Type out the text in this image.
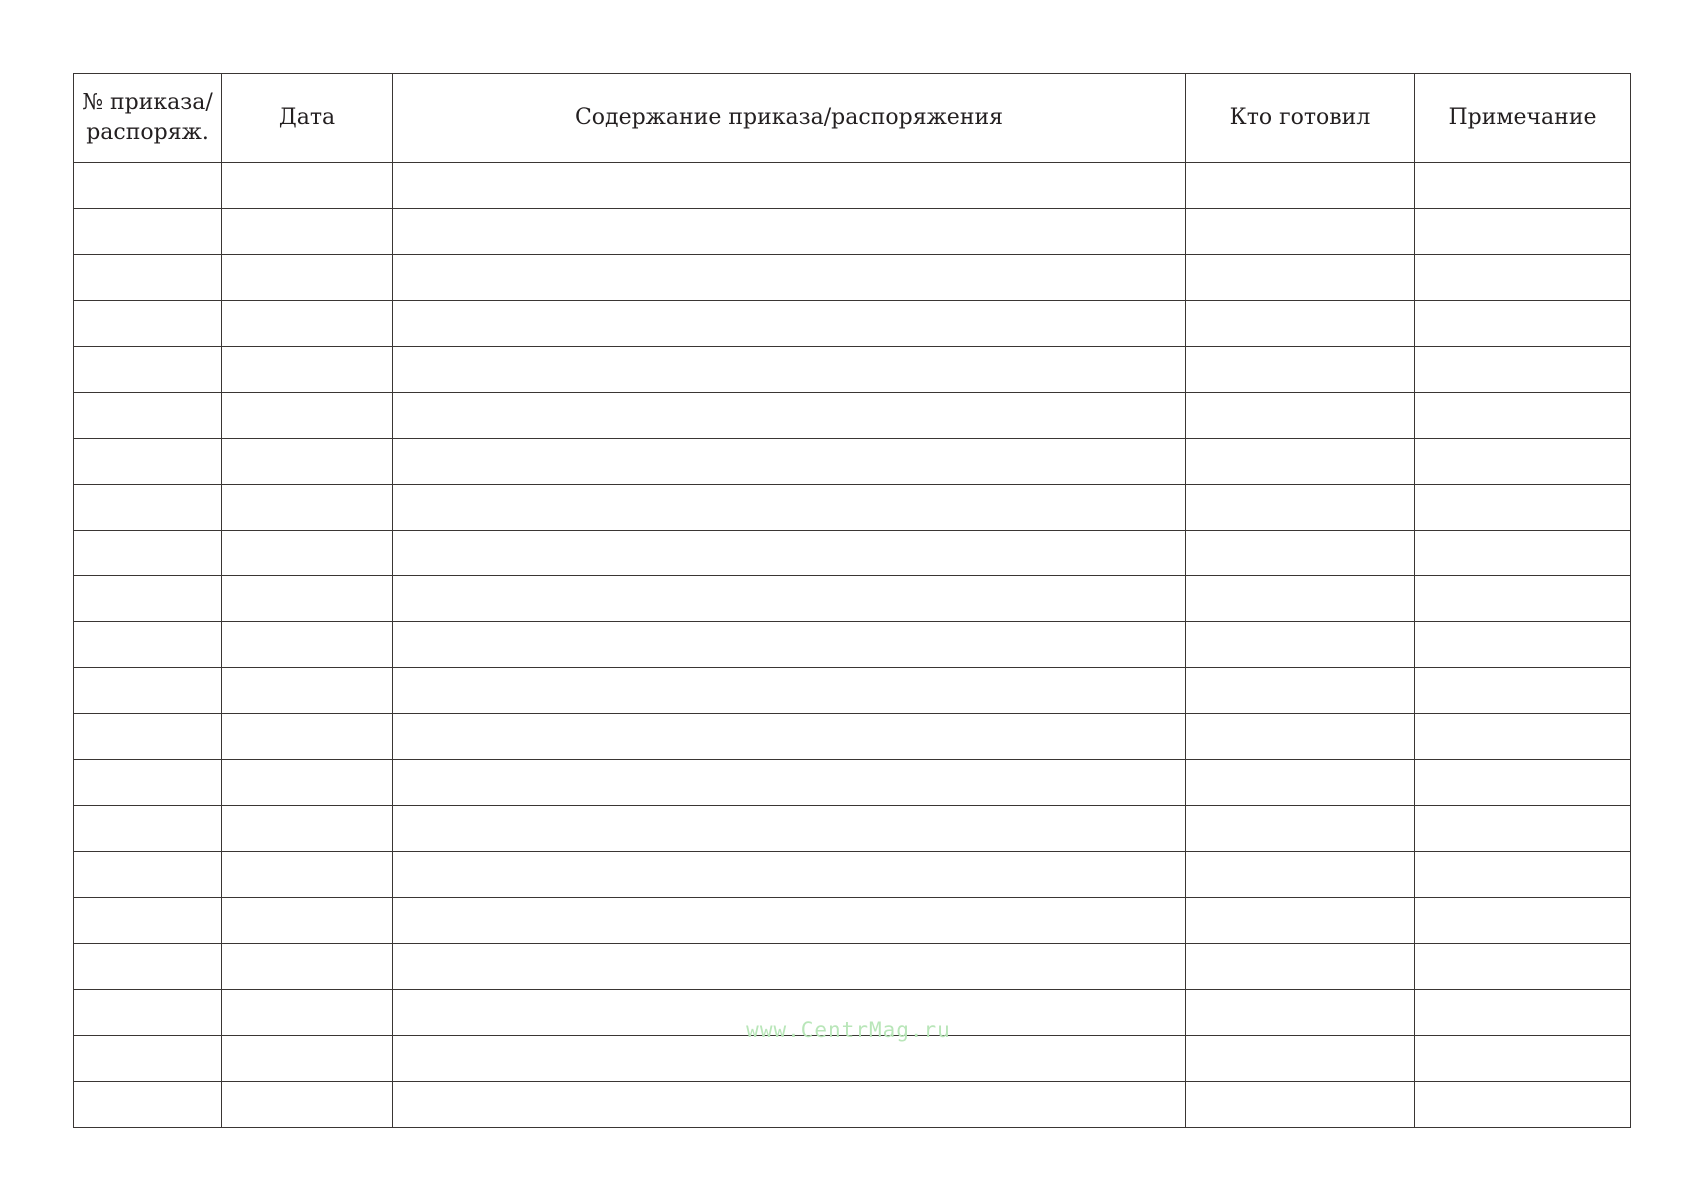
№ приказа/
распоряж.	Дата	Содержание приказа/распоряжения	Кто готовил	Примечание

www.CentrMag.ru
